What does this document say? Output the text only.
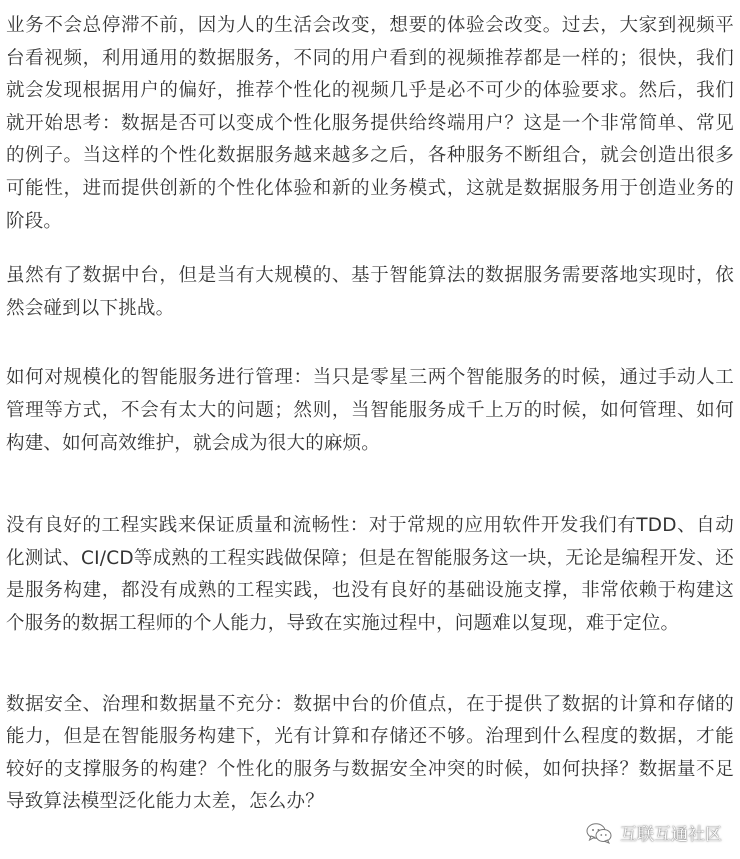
业务不会总停滞不前，因为人的生活会改变，想要的体验会改变。过去，大家到视频平台看视频，利用通用的数据服务，不同的用户看到的视频推荐都是一样的；很快，我们就会发现根据用户的偏好，推荐个性化的视频几乎是必不可少的体验要求。然后，我们就开始思考：数据是否可以变成个性化服务提供给终端用户？这是一个非常简单、常见的例子。当这样的个性化数据服务越来越多之后，各种服务不断组合，就会创造出很多可能性，进而提供创新的个性化体验和新的业务模式，这就是数据服务用于创造业务的阶段。

虽然有了数据中台，但是当有大规模的、基于智能算法的数据服务需要落地实现时，依然会碰到以下挑战。

如何对规模化的智能服务进行管理：当只是零星三两个智能服务的时候，通过手动人工管理等方式，不会有太大的问题；然则，当智能服务成千上万的时候，如何管理、如何构建、如何高效维护，就会成为很大的麻烦。

没有良好的工程实践来保证质量和流畅性：对于常规的应用软件开发我们有TDD、自动化测试、CI/CD等成熟的工程实践做保障；但是在智能服务这一块，无论是编程开发、还是服务构建，都没有成熟的工程实践，也没有良好的基础设施支撑，非常依赖于构建这个服务的数据工程师的个人能力，导致在实施过程中，问题难以复现，难于定位。

数据安全、治理和数据量不充分：数据中台的价值点，在于提供了数据的计算和存储的能力，但是在智能服务构建下，光有计算和存储还不够。治理到什么程度的数据，才能较好的支撑服务的构建？个性化的服务与数据安全冲突的时候，如何抉择？数据量不足导致算法模型泛化能力太差，怎么办？

互联互通社区
